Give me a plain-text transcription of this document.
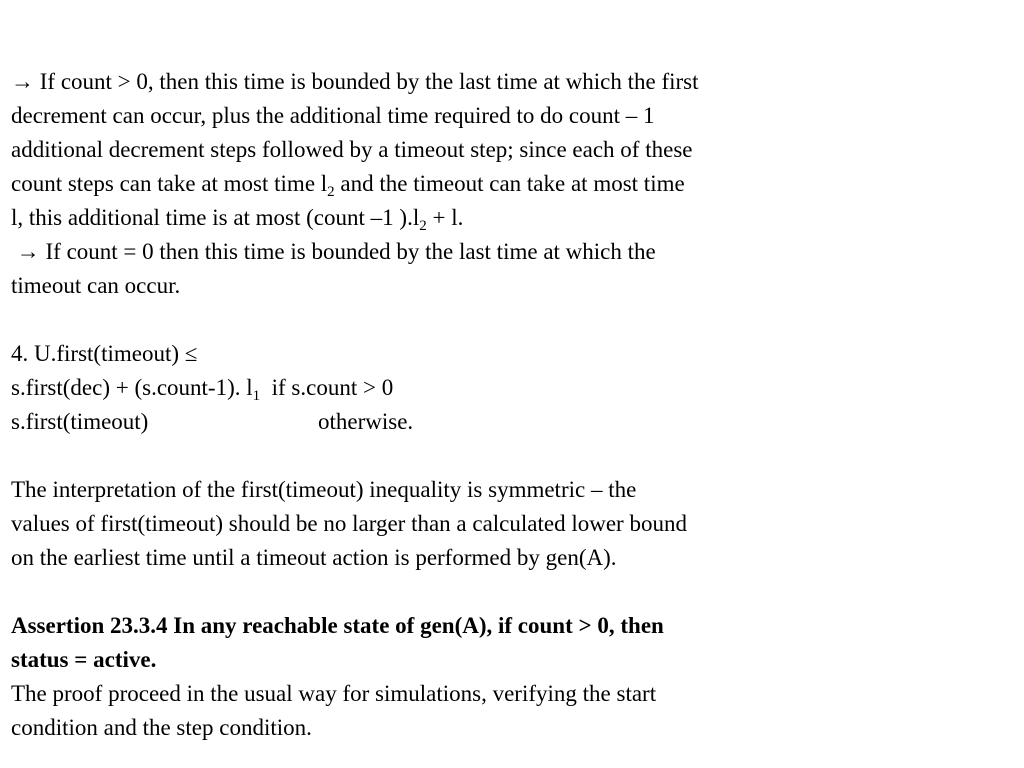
→ If count > 0, then this time is bounded by the last time at which the first
decrement can occur, plus the additional time required to do count – 1
additional decrement steps followed by a timeout step; since each of these
count steps can take at most time $l_2$ and the timeout can take at most time
l, this additional time is at most (count –1 )$.l_2 + l$.
→ If count = 0 then this time is bounded by the last time at which the
timeout can occur.
4. U.first(timeout) ≤
s.first(dec) + (s.count-1). $l_1$  if s.count > 0
s.first(timeout)	otherwise.
The interpretation of the first(timeout) inequality is symmetric – the
values of first(timeout) should be no larger than a calculated lower bound
on the earliest time until a timeout action is performed by gen(A).
Assertion 23.3.4 In any reachable state of gen(A), if count > 0, then
status = active.
The proof proceed in the usual way for simulations, verifying the start
condition and the step condition.
